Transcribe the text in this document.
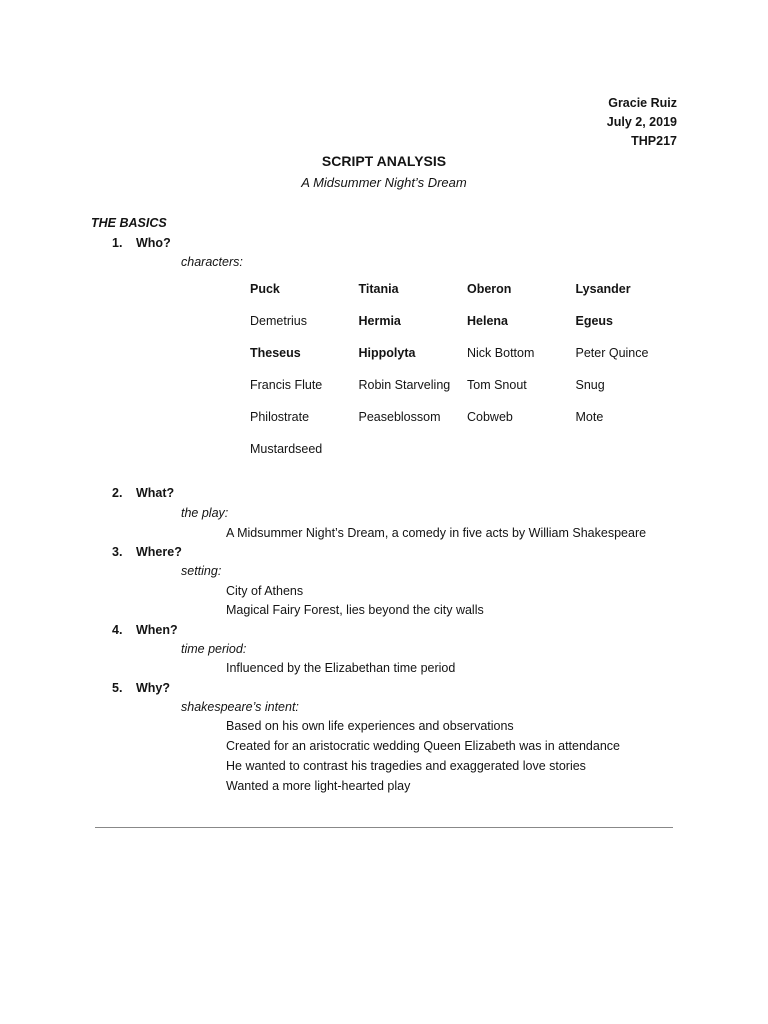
Gracie Ruiz
July 2, 2019
THP217
SCRIPT ANALYSIS
A Midsummer Night’s Dream
THE BASICS
1. Who?
characters:
Puck	Titania	Oberon	Lysander
Demetrius	Hermia	Helena	Egeus
Theseus	Hippolyta	Nick Bottom	Peter Quince
Francis Flute	Robin Starveling	Tom Snout	Snug
Philostrate	Peaseblossom	Cobweb	Mote
Mustardseed
2. What?
the play:
A Midsummer Night’s Dream, a comedy in five acts by William Shakespeare
3. Where?
setting:
City of Athens
Magical Fairy Forest, lies beyond the city walls
4. When?
time period:
Influenced by the Elizabethan time period
5. Why?
shakespeare’s intent:
Based on his own life experiences and observations
Created for an aristocratic wedding Queen Elizabeth was in attendance
He wanted to contrast his tragedies and exaggerated love stories
Wanted a more light-hearted play
